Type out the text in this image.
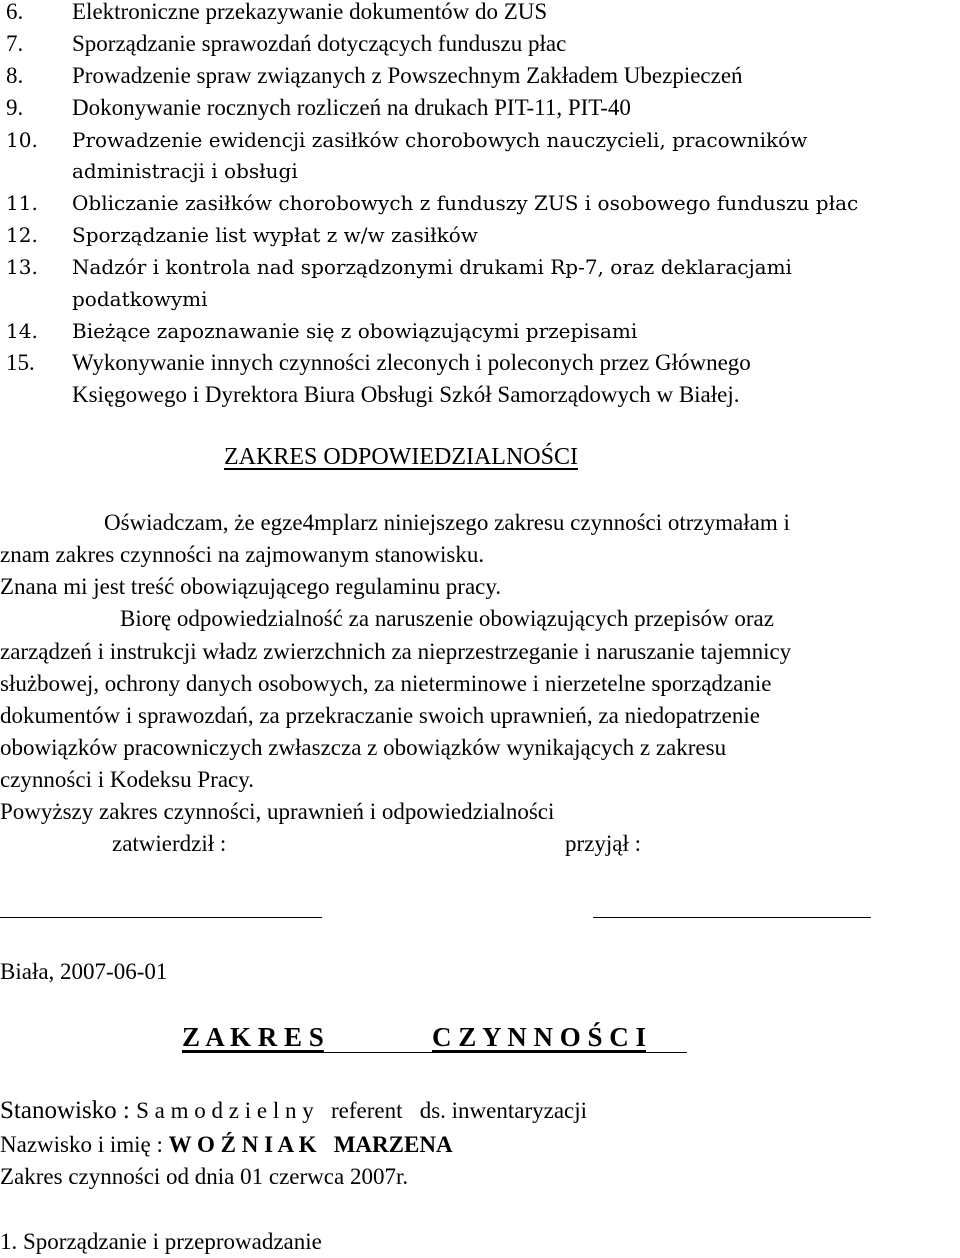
6. Elektroniczne przekazywanie dokumentów do ZUS
7. Sporządzanie sprawozdań dotyczących funduszu płac
8. Prowadzenie spraw związanych z Powszechnym Zakładem Ubezpieczeń
9. Dokonywanie rocznych rozliczeń na drukach PIT-11, PIT-40
10. Prowadzenie ewidencji zasiłków chorobowych nauczycieli, pracowników
administracji i obsługi
11. Obliczanie zasiłków chorobowych z funduszy ZUS i osobowego funduszu płac
12. Sporządzanie list wypłat z w/w zasiłków
13. Nadzór i kontrola nad sporządzonymi drukami Rp-7, oraz deklaracjami
podatkowymi
14. Bieżące zapoznawanie się z obowiązującymi przepisami
15. Wykonywanie innych czynności zleconych i poleconych przez Głównego
Księgowego i Dyrektora Biura Obsługi Szkół Samorządowych w Białej.
ZAKRES ODPOWIEDZIALNOŚCI
Oświadczam, że egze4mplarz niniejszego zakresu czynności otrzymałam i
znam zakres czynności na zajmowanym stanowisku.
Znana mi jest treść obowiązującego regulaminu pracy.
Biorę odpowiedzialność za naruszenie obowiązujących przepisów oraz
zarządzeń i instrukcji władz zwierzchnich za nieprzestrzeganie i naruszanie tajemnicy
służbowej, ochrony danych osobowych, za nieterminowe i nierzetelne sporządzanie
dokumentów i sprawozdań, za przekraczanie swoich uprawnień, za niedopatrzenie
obowiązków pracowniczych zwłaszcza z obowiązków wynikających z zakresu
czynności i Kodeksu Pracy.
Powyższy zakres czynności, uprawnień i odpowiedzialności
zatwierdził :	przyjął :
Biała, 2007-06-01
Z A K R E S	C Z Y N N O Ś C I
Stanowisko : S a m o d z i e l n y   referent   ds. inwentaryzacji
Nazwisko i imię : W O Ź N I A K   MARZENA
Zakres czynności od dnia 01 czerwca 2007r.
1. Sporządzanie i przeprowadzanie
